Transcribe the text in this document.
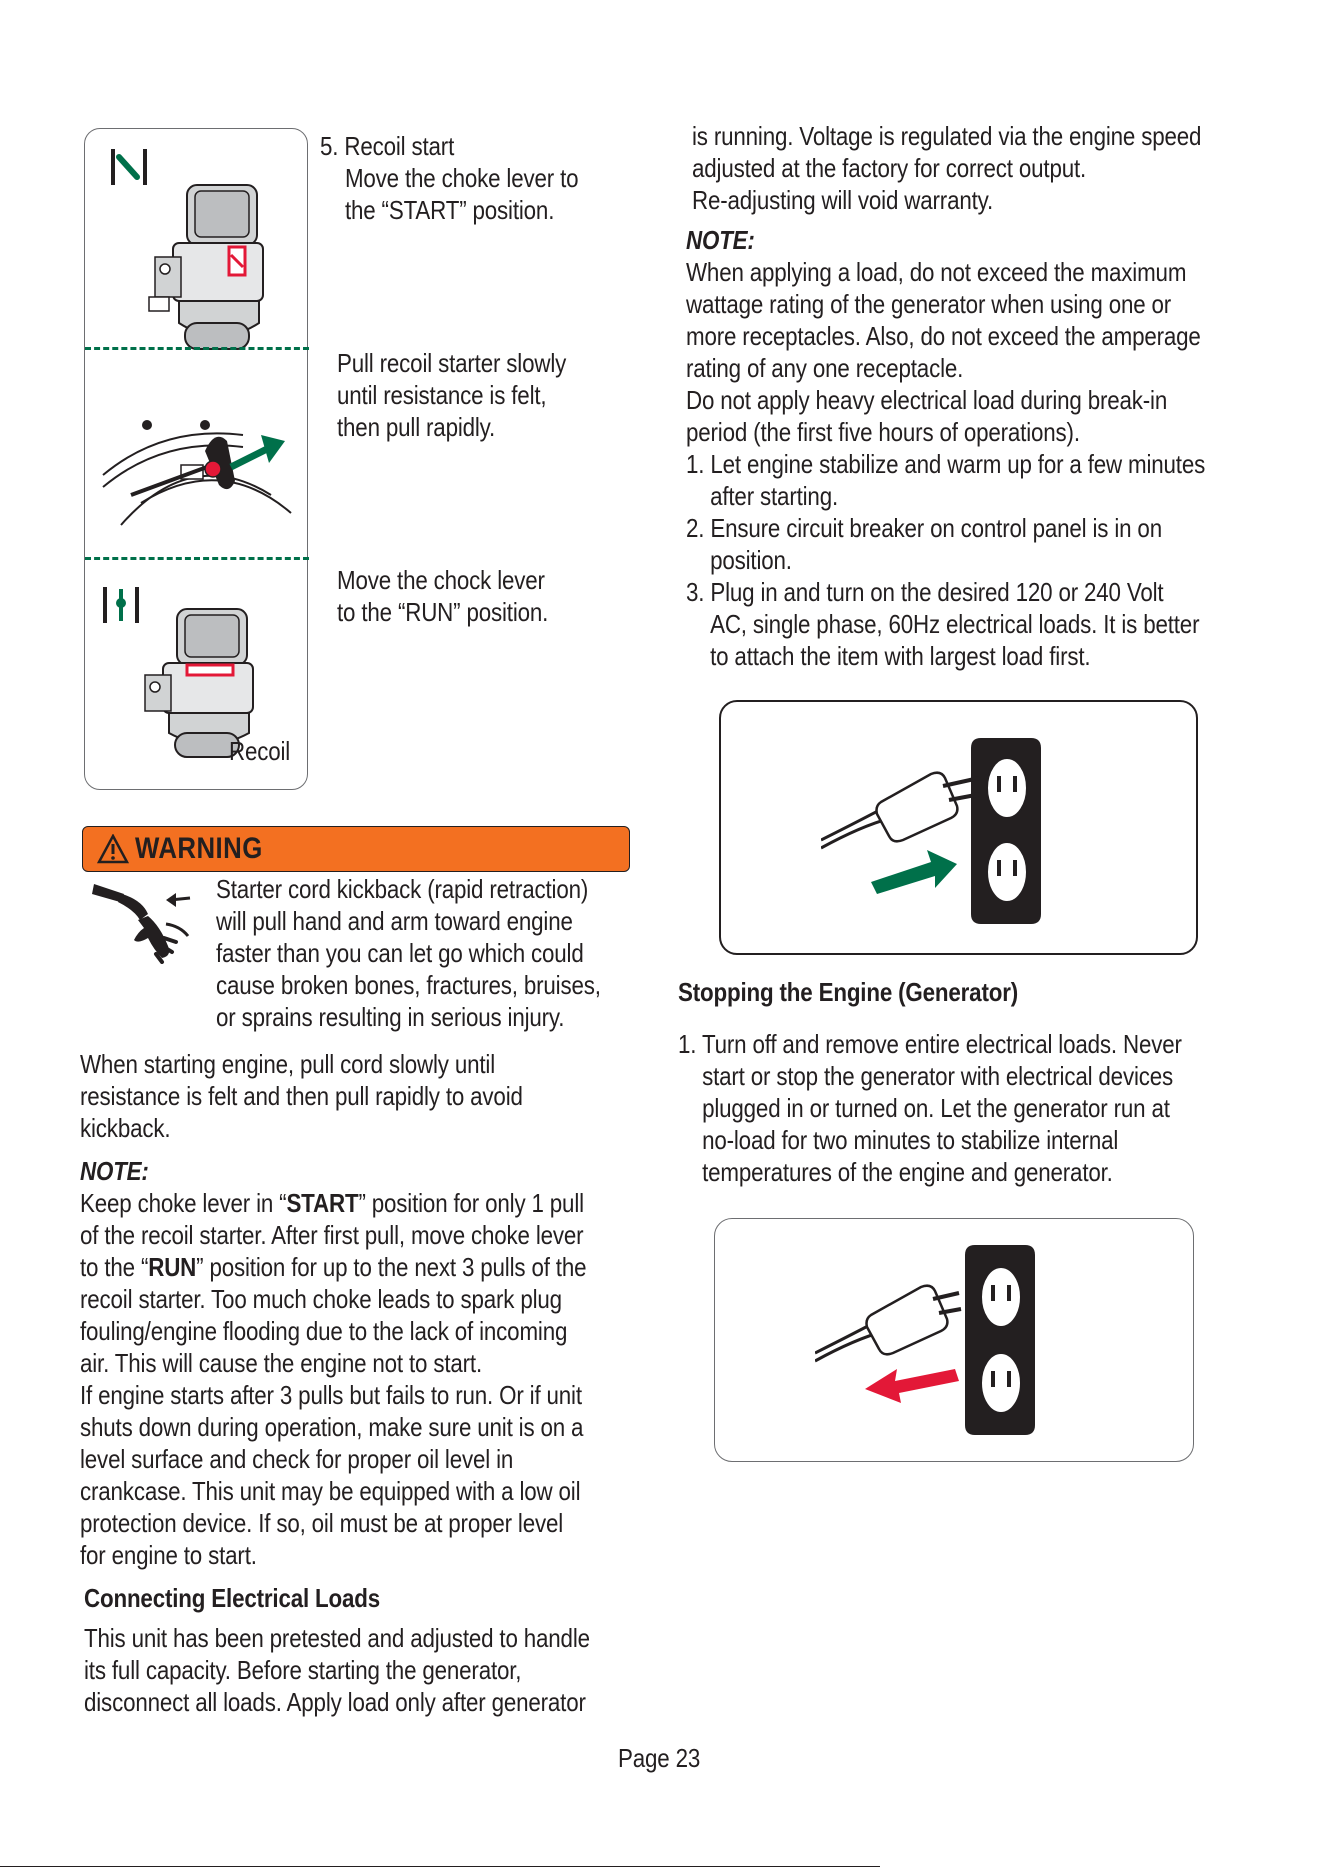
Recoil
5. Recoil start
Move the choke lever to
the “START” position.
Pull recoil starter slowly
until resistance is felt,
then pull rapidly.
Move the chock lever
to the “RUN” position.
WARNING
Starter cord kickback (rapid retraction)
will pull hand and arm toward engine
faster than you can let go which could
cause broken bones, fractures, bruises,
or sprains resulting in serious injury.
When starting engine, pull cord slowly until
resistance is felt and then pull rapidly to avoid
kickback.
NOTE:
Keep choke lever in “START” position for only 1 pull
of the recoil starter. After first pull, move choke lever
to the “RUN” position for up to the next 3 pulls of the
recoil starter. Too much choke leads to spark plug
fouling/engine flooding due to the lack of incoming
air. This will cause the engine not to start.
If engine starts after 3 pulls but fails to run. Or if unit
shuts down during operation, make sure unit is on a
level surface and check for proper oil level in
crankcase. This unit may be equipped with a low oil
protection device. If so, oil must be at proper level
for engine to start.
Connecting Electrical Loads
This unit has been pretested and adjusted to handle
its full capacity. Before starting the generator,
disconnect all loads. Apply load only after generator
is running. Voltage is regulated via the engine speed
adjusted at the factory for correct output.
Re-adjusting will void warranty.
NOTE:
When applying a load, do not exceed the maximum
wattage rating of the generator when using one or
more receptacles. Also, do not exceed the amperage
rating of any one receptacle.
Do not apply heavy electrical load during break-in
period (the first five hours of operations).
1. Let engine stabilize and warm up for a few minutes
after starting.
2. Ensure circuit breaker on control panel is in on
position.
3. Plug in and turn on the desired 120 or 240 Volt
AC, single phase, 60Hz electrical loads. It is better
to attach the item with largest load first.
Stopping the Engine (Generator)
1. Turn off and remove entire electrical loads. Never
start or stop the generator with electrical devices
plugged in or turned on. Let the generator run at
no-load for two minutes to stabilize internal
temperatures of the engine and generator.
Page 23
